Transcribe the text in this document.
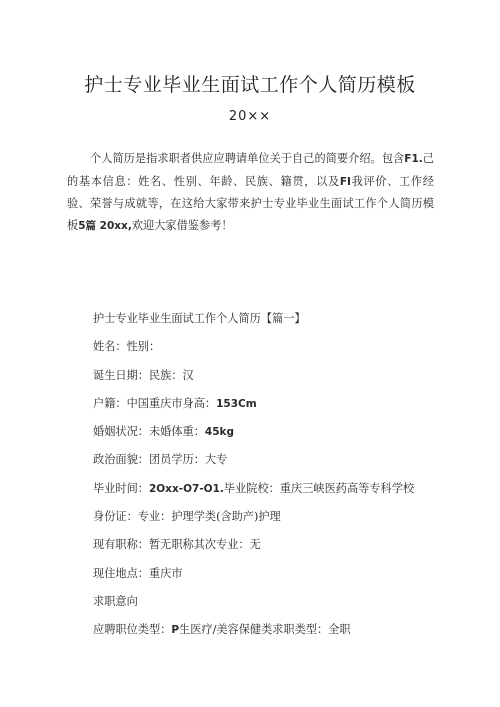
护士专业毕业生面试工作个人简历模板
20××
个人简历是指求职者供应应聘请单位关于自己的简要介绍。包含F1.己的基本信息：姓名、性别、年龄、民族、籍贯，以及FI我评价、工作经验、荣誉与成就等，在这给大家带来护士专业毕业生面试工作个人简历模板5篇 20xx,欢迎大家借鉴参考！
护士专业毕业生面试工作个人简历【篇一】
姓名：性别：
诞生日期：民族：汉
户籍：中国重庆市身高：153Cm
婚姻状况：未婚体重：45kg
政治面貌：团员学历：大专
毕业时间：2Oxx-O7-O1.毕业院校：重庆三峡医药高等专科学校
身份证：专业：护理学类(含助产)护理
现有职称：暂无职称其次专业：无
现住地点：重庆市
求职意向
应聘职位类型：P生医疗/美容保健类求职类型：全职
